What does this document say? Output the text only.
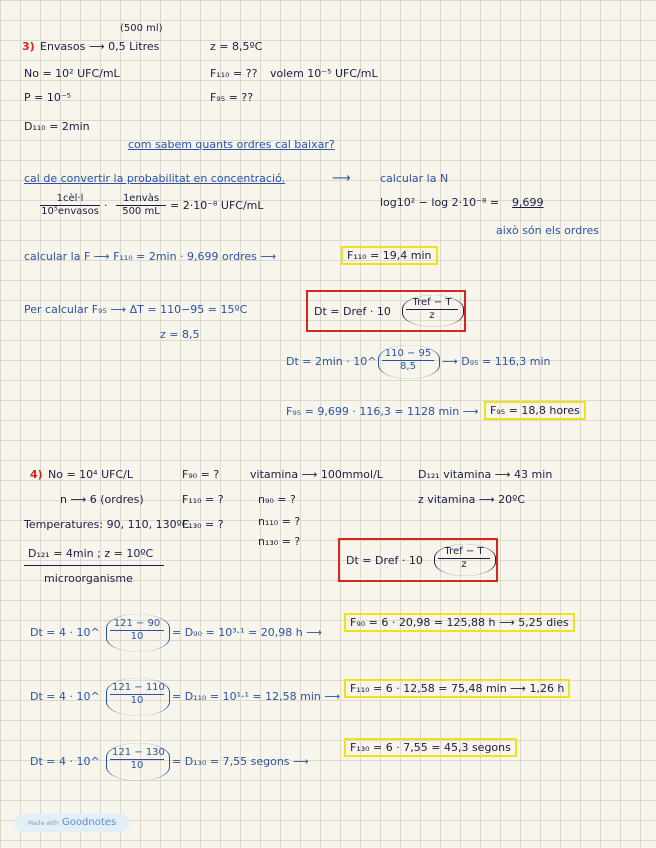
(500 ml)
3) Envasos ⟶ 0,5 Litres	z = 8,5ºC
No = 10² UFC/mL	F₁₁₀ = ?? volem 10⁻⁵ UFC/mL
P = 10⁻⁵	F₉₅ = ??
D₁₁₀ = 2min
com sabem quants ordres cal baixar?
cal de convertir la probabilitat en concentració.	⟶	calcular la N
1cèl·l
10⁵envasos ·
1envàs
500 mL = 2·10⁻⁸ UFC/mL	log10² − log 2·10⁻⁸ = 9,699
això són els ordres
calcular la F ⟶ F₁₁₀ = 2min · 9,699 ordres ⟶	F₁₁₀ = 19,4 min
Per calcular F₉₅ ⟶ ΔT = 110−95 = 15ºC
z = 8,5
Dt = Dref · 10
Tref − T
z
Dt = 2min · 10^ $\frac{110 - 95}{8,5}$ ⟶ D₉₅ = 116,3 min
F₉₅ = 9,699 · 116,3 = 1128 min ⟶	F₉₅ = 18,8 hores
4) No = 10⁴ UFC/L	F₉₀ = ?	vitamina ⟶ 100mmol/L	D₁₂₁ vitamina ⟶ 43 min
n ⟶ 6 (ordres)	F₁₁₀ = ?	n₉₀ = ?	z vitamina ⟶ 20ºC
Temperatures: 90, 110, 130ºC
F₁₃₀ = ?	n₁₁₀ = ?
n₁₃₀ = ?
D₁₂₁ = 4min ; z = 10ºC
microorganisme
Dt = Dref · 10
Tref − T
z
Dt = 4 · 10^ $\frac{121 - 90}{10} = D_{90} = 10^3\cdot^1 = 20,98$ h ⟶
F₉₀ = 6 · 20,98 = 125,88 h ⟶ 5,25 dies
Dt = 4 · 10^ $\frac{121 - 110}{10} = D_{110} = 10^1\cdot^1 = 12,58$ min ⟶
F₁₁₀ = 6 · 12,58 = 75,48 min ⟶ 1,26 h
Dt = 4 · 10^ $\frac{121 - 130}{10} = D_{130} = 7,55$ segons ⟶
F₁₃₀ = 6 · 7,55 = 45,3 segons
Made with Goodnotes
